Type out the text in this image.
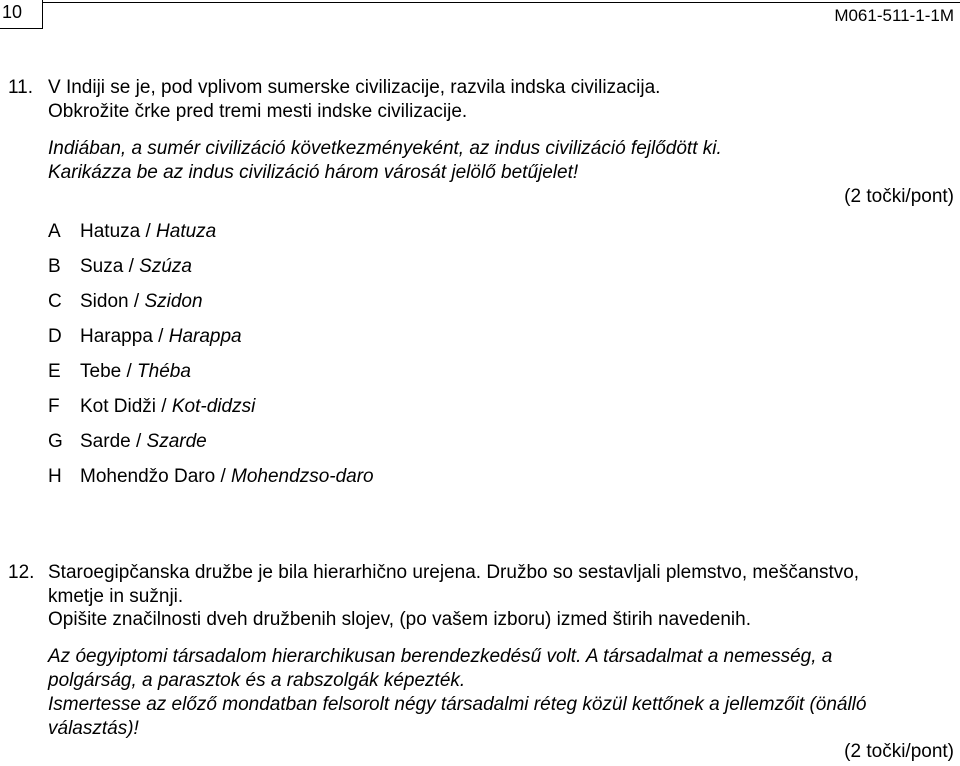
10	M061-511-1-1M
11. V Indiji se je, pod vplivom sumerske civilizacije, razvila indska civilizacija.
Obkrožite črke pred tremi mesti indske civilizacije.
Indiában, a sumér civilizáció következményeként, az indus civilizáció fejlődött ki.
Karikázza be az indus civilizáció három városát jelölő betűjelet!
(2 točki/pont)
A Hatuza / Hatuza
B Suza / Szúza
C Sidon / Szidon
D Harappa / Harappa
E Tebe / Théba
F Kot Didži / Kot-didzsi
G Sarde / Szarde
H Mohendžo Daro / Mohendzso-daro
12. Staroegipčanska družbe je bila hierarhično urejena. Družbo so sestavljali plemstvo, meščanstvo,
kmetje in sužnji.
Opišite značilnosti dveh družbenih slojev, (po vašem izboru) izmed štirih navedenih.
Az óegyiptomi társadalom hierarchikusan berendezkedésű volt. A társadalmat a nemesség, a
polgárság, a parasztok és a rabszolgák képezték.
Ismertesse az előző mondatban felsorolt négy társadalmi réteg közül kettőnek a jellemzőit (önálló
választás)!
(2 točki/pont)
